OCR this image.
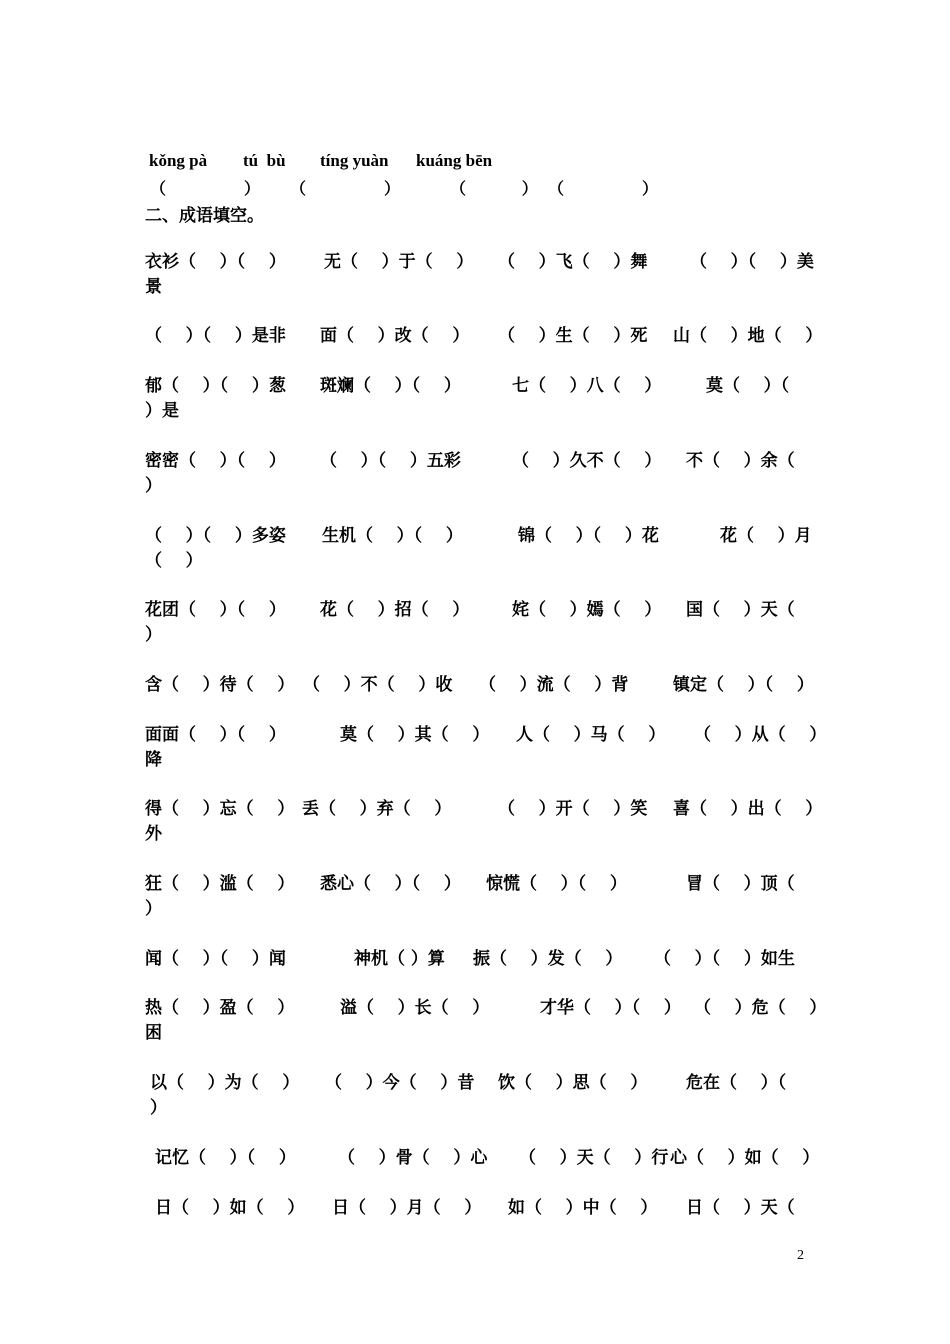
kǒng pà tú  bù tíng yuàn kuáng bēn
（              ） （              ）	（          ） （              ）
二、成语填空。
衣衫（    ）（    ） 无（    ）于（    ） （    ）飞（    ）舞	（    ）（    ）美
景
（    ）（    ）是非 面（    ）改（    ） （    ）生（    ）死 山（    ）地（    ）
郁（    ）（    ）葱 斑斓（    ）（    ）	七（    ）八（    ）	莫（    ）（
）是
密密（    ）（    ） （    ）（    ）五彩	（    ）久不（    ） 不（    ）余（
）
（    ）（    ）多姿 生机（    ）（    ）	锦（    ）（    ）花	花（    ）月
（    ）
花团（    ）（    ） 花（    ）招（    ）	姹（    ）嫣（    ） 国（    ）天（
）
含（    ）待（    ） （    ）不（    ）收 （    ）流（    ）背	镇定（    ）（    ）
面面（    ）（    ）	莫（    ）其（    ） 人（    ）马（    ） （    ）从（    ）
降
得（    ）忘（    ） 丢（    ）弃（    ）	（    ）开（    ）笑 喜（    ）出（    ）
外
狂（    ）滥（    ） 悉心（    ）（    ） 惊慌（    ）（    ）	冒（    ）顶（
）
闻（    ）（    ）闻	神机（ ）算 振（    ）发（    ） （    ）（    ）如生
热（    ）盈（    ）	溢（    ）长（    ）	才华（    ）（    ） （    ）危（    ）
困
以（    ）为（    ） （    ）今（    ）昔 饮（    ）思（    ） 危在（    ）（
）
记忆（    ）（    ） （    ）骨（    ）心 （    ）天（    ）行 心（    ）如（    ）
日（    ）如（    ） 日（    ）月（    ） 如（    ）中（    ） 日（    ）天（
2
